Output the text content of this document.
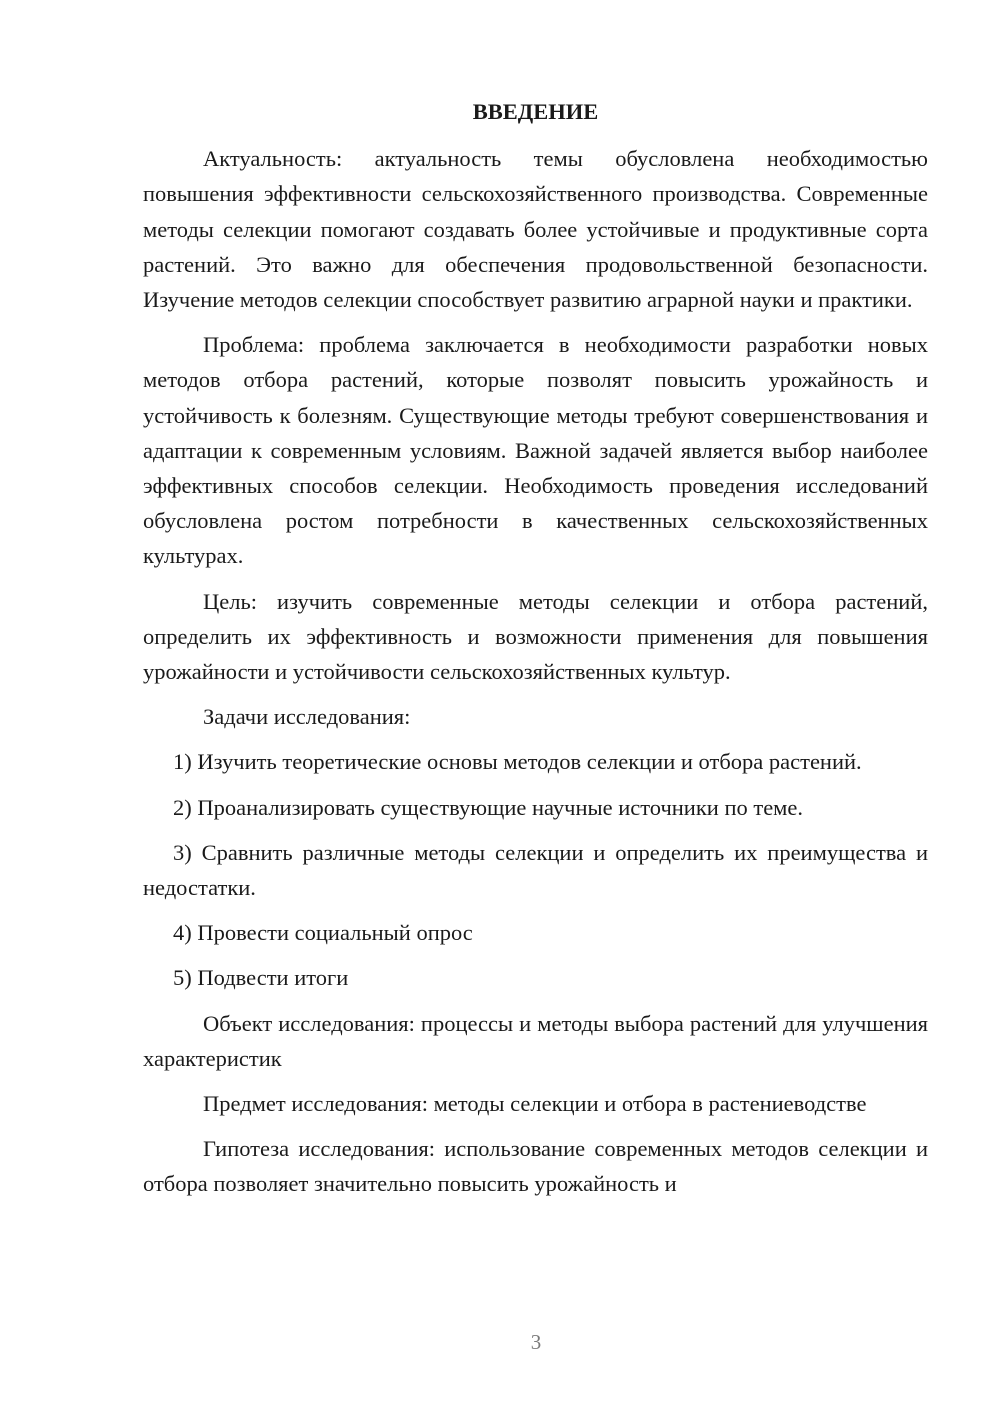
ВВЕДЕНИЕ

Актуальность: актуальность темы обусловлена необходимостью повышения эффективности сельскохозяйственного производства. Современные методы селекции помогают создавать более устойчивые и продуктивные сорта растений. Это важно для обеспечения продовольственной безопасности. Изучение методов селекции способствует развитию аграрной науки и практики.

Проблема: проблема заключается в необходимости разработки новых методов отбора растений, которые позволят повысить урожайность и устойчивость к болезням. Существующие методы требуют совершенствования и адаптации к современным условиям. Важной задачей является выбор наиболее эффективных способов селекции. Необходимость проведения исследований обусловлена ростом потребности в качественных сельскохозяйственных культурах.

Цель: изучить современные методы селекции и отбора растений, определить их эффективность и возможности применения для повышения урожайности и устойчивости сельскохозяйственных культур.

Задачи исследования:

1) Изучить теоретические основы методов селекции и отбора растений.

2) Проанализировать существующие научные источники по теме.

3) Сравнить различные методы селекции и определить их преимущества и недостатки.

4) Провести социальный опрос

5) Подвести итоги

Объект исследования: процессы и методы выбора растений для улучшения характеристик

Предмет исследования: методы селекции и отбора в растениеводстве

Гипотеза исследования: использование современных методов селекции и отбора позволяет значительно повысить урожайность и

3
